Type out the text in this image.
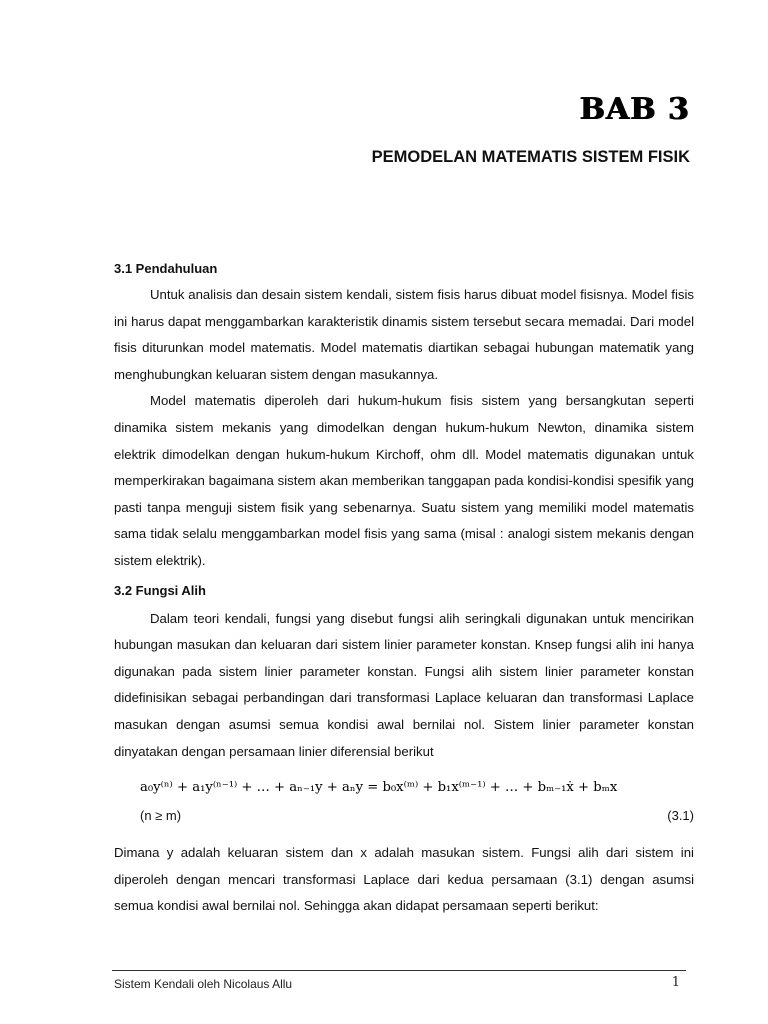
BAB 3
PEMODELAN MATEMATIS SISTEM FISIK
3.1 Pendahuluan

Untuk analisis dan desain sistem kendali, sistem fisis harus dibuat model fisisnya. Model fisis ini harus dapat menggambarkan karakteristik dinamis sistem tersebut secara memadai. Dari model fisis diturunkan model matematis. Model matematis diartikan sebagai hubungan matematik yang menghubungkan keluaran sistem dengan masukannya.

Model matematis diperoleh dari hukum-hukum fisis sistem yang bersangkutan seperti dinamika sistem mekanis yang dimodelkan dengan hukum-hukum Newton, dinamika sistem elektrik dimodelkan dengan hukum-hukum Kirchoff, ohm dll. Model matematis digunakan untuk memperkirakan bagaimana sistem akan memberikan tanggapan pada kondisi-kondisi spesifik yang pasti tanpa menguji sistem fisik yang sebenarnya. Suatu sistem yang memiliki model matematis sama tidak selalu menggambarkan model fisis yang sama (misal : analogi sistem mekanis dengan sistem elektrik).

3.2 Fungsi Alih

Dalam teori kendali, fungsi yang disebut fungsi alih seringkali digunakan untuk mencirikan hubungan masukan dan keluaran dari sistem linier parameter konstan. Knsep fungsi alih ini hanya digunakan pada sistem linier parameter konstan. Fungsi alih sistem linier parameter konstan didefinisikan sebagai perbandingan dari transformasi Laplace keluaran dan transformasi Laplace masukan dengan asumsi semua kondisi awal bernilai nol. Sistem linier parameter konstan dinyatakan dengan persamaan linier diferensial berikut

a₀y⁽ⁿ⁾ + a₁y⁽ⁿ⁻¹⁾ + … + aₙ₋₁y + aₙy = b₀x⁽ᵐ⁾ + b₁x⁽ᵐ⁻¹⁾ + … + bₘ₋₁ẋ + bₘx
(n ≥ m)	(3.1)

Dimana y adalah keluaran sistem dan x adalah masukan sistem. Fungsi alih dari sistem ini diperoleh dengan mencari transformasi Laplace dari kedua persamaan (3.1) dengan asumsi semua kondisi awal bernilai nol. Sehingga akan didapat persamaan seperti berikut:

Sistem Kendali oleh Nicolaus Allu	1
